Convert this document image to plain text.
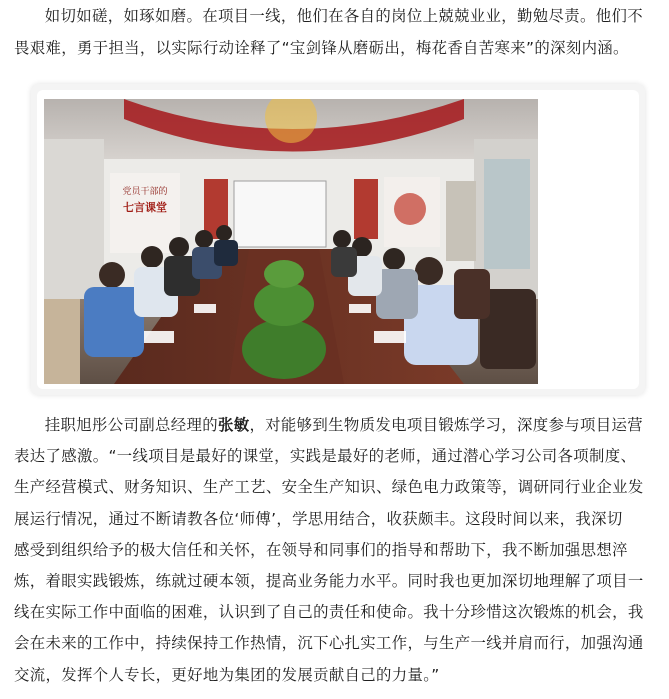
如切如磋，如琢如磨。在项目一线，他们在各自的岗位上兢兢业业，勤勉尽责。他们不
畏艰难，勇于担当，以实际行动诠释了“宝剑锋从磨砺出，梅花香自苦寒来”的深刻内涵。

党员干部的
七言课堂

挂职旭彤公司副总经理的张敏，对能够到生物质发电项目锻炼学习，深度参与项目运营
表达了感激。“一线项目是最好的课堂，实践是最好的老师，通过潜心学习公司各项制度、
生产经营模式、财务知识、生产工艺、安全生产知识、绿色电力政策等，调研同行业企业发
展运行情况，通过不断请教各位‘师傅’，学思用结合，收获颇丰。这段时间以来，我深切
感受到组织给予的极大信任和关怀，在领导和同事们的指导和帮助下，我不断加强思想淬
炼，着眼实践锻炼，练就过硬本领，提高业务能力水平。同时我也更加深切地理解了项目一
线在实际工作中面临的困难，认识到了自己的责任和使命。我十分珍惜这次锻炼的机会，我
会在未来的工作中，持续保持工作热情，沉下心扎实工作，与生产一线并肩而行，加强沟通
交流，发挥个人专长，更好地为集团的发展贡献自己的力量。”
